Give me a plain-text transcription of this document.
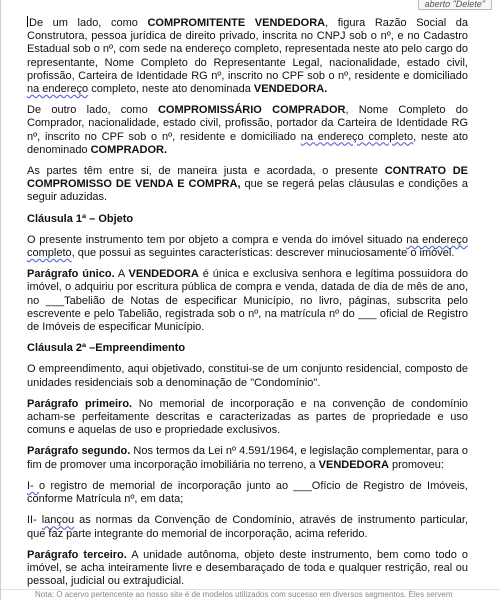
aberto "Delete"

De um lado, como COMPROMITENTE VENDEDORA, figura Razão Social da Construtora, pessoa jurídica de direito privado, inscrita no CNPJ sob o nº, e no Cadastro Estadual sob o nº, com sede na endereço completo, representada neste ato pelo cargo do representante, Nome Completo do Representante Legal, nacionalidade, estado civil, profissão, Carteira de Identidade RG nº, inscrito no CPF sob o nº, residente e domiciliado na endereço completo, neste ato denominada VENDEDORA.

De outro lado, como COMPROMISSÁRIO COMPRADOR, Nome Completo do Comprador, nacionalidade, estado civil, profissão, portador da Carteira de Identidade RG nº, inscrito no CPF sob o nº, residente e domiciliado na endereço completo, neste ato denominado COMPRADOR.

As partes têm entre si, de maneira justa e acordada, o presente CONTRATO DE COMPROMISSO DE VENDA E COMPRA, que se regerá pelas cláusulas e condições a seguir aduzidas.

Cláusula 1ª – Objeto

O presente instrumento tem por objeto a compra e venda do imóvel situado na endereço completo, que possui as seguintes características: descrever minuciosamente o imóvel.

Parágrafo único. A VENDEDORA é única e exclusiva senhora e legítima possuidora do imóvel, o adquiriu por escritura pública de compra e venda, datada de dia de mês de ano, no ___Tabelião de Notas de especificar Município, no livro, páginas, subscrita pelo escrevente e pelo Tabelião, registrada sob o nº, na matrícula nº do ___ oficial de Registro de Imóveis de especificar Município.

Cláusula 2ª –Empreendimento

O empreendimento, aqui objetivado, constitui-se de um conjunto residencial, composto de unidades residenciais sob a denominação de "Condomínio".

Parágrafo primeiro. No memorial de incorporação e na convenção de condomínio acham-se perfeitamente descritas e caracterizadas as partes de propriedade e uso comuns e aquelas de uso e propriedade exclusivos.

Parágrafo segundo. Nos termos da Lei nº 4.591/1964, e legislação complementar, para o fim de promover uma incorporação imobiliária no terreno, a VENDEDORA promoveu:

I- o registro de memorial de incorporação junto ao ___Ofício de Registro de Imóveis, conforme Matrícula nº, em data;

II- lançou as normas da Convenção de Condomínio, através de instrumento particular, que faz parte integrante do memorial de incorporação, acima referido.

Parágrafo terceiro. A unidade autônoma, objeto deste instrumento, bem como todo o imóvel, se acha inteiramente livre e desembaraçado de toda e qualquer restrição, real ou pessoal, judicial ou extrajudicial.

Nota: O acervo pertencente ao nosso site é de modelos utilizados com sucesso em diversos segmentos. Eles servem
